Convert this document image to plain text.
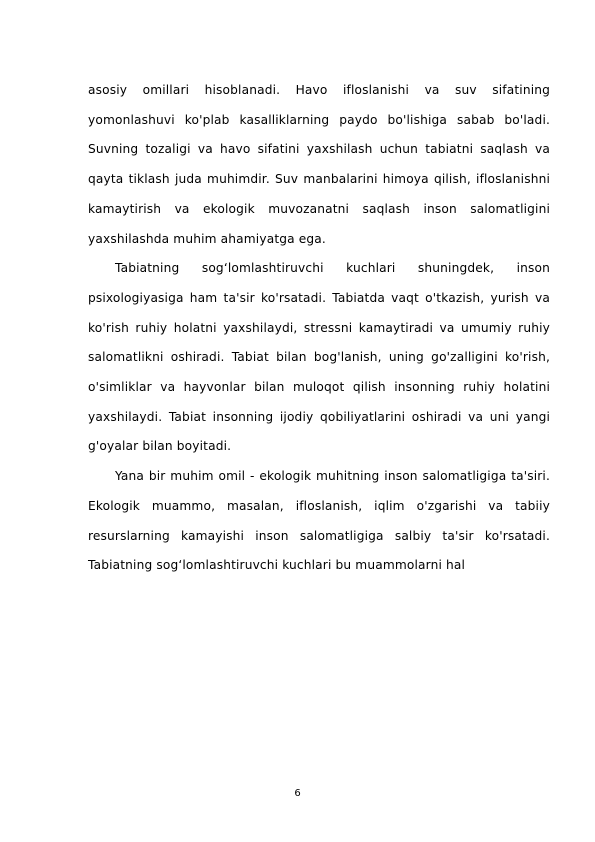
asosiy omillari hisoblanadi. Havo ifloslanishi va suv sifatining yomonlashuvi ko'plab kasalliklarning paydo bo'lishiga sabab bo'ladi. Suvning tozaligi va havo sifatini yaxshilash uchun tabiatni saqlash va qayta tiklash juda muhimdir. Suv manbalarini himoya qilish, ifloslanishni kamaytirish va ekologik muvozanatni saqlash inson salomatligini yaxshilashda muhim ahamiyatga ega.

Tabiatning sog‘lomlashtiruvchi kuchlari shuningdek, inson psixologiyasiga ham ta'sir ko'rsatadi. Tabiatda vaqt o'tkazish, yurish va ko'rish ruhiy holatni yaxshilaydi, stressni kamaytiradi va umumiy ruhiy salomatlikni oshiradi. Tabiat bilan bog'lanish, uning go'zalligini ko'rish, o'simliklar va hayvonlar bilan muloqot qilish insonning ruhiy holatini yaxshilaydi. Tabiat insonning ijodiy qobiliyatlarini oshiradi va uni yangi g'oyalar bilan boyitadi.

Yana bir muhim omil - ekologik muhitning inson salomatligiga ta'siri. Ekologik muammo, masalan, ifloslanish, iqlim o'zgarishi va tabiiy resurslarning kamayishi inson salomatligiga salbiy ta'sir ko'rsatadi. Tabiatning sog‘lomlashtiruvchi kuchlari bu muammolarni hal

6
